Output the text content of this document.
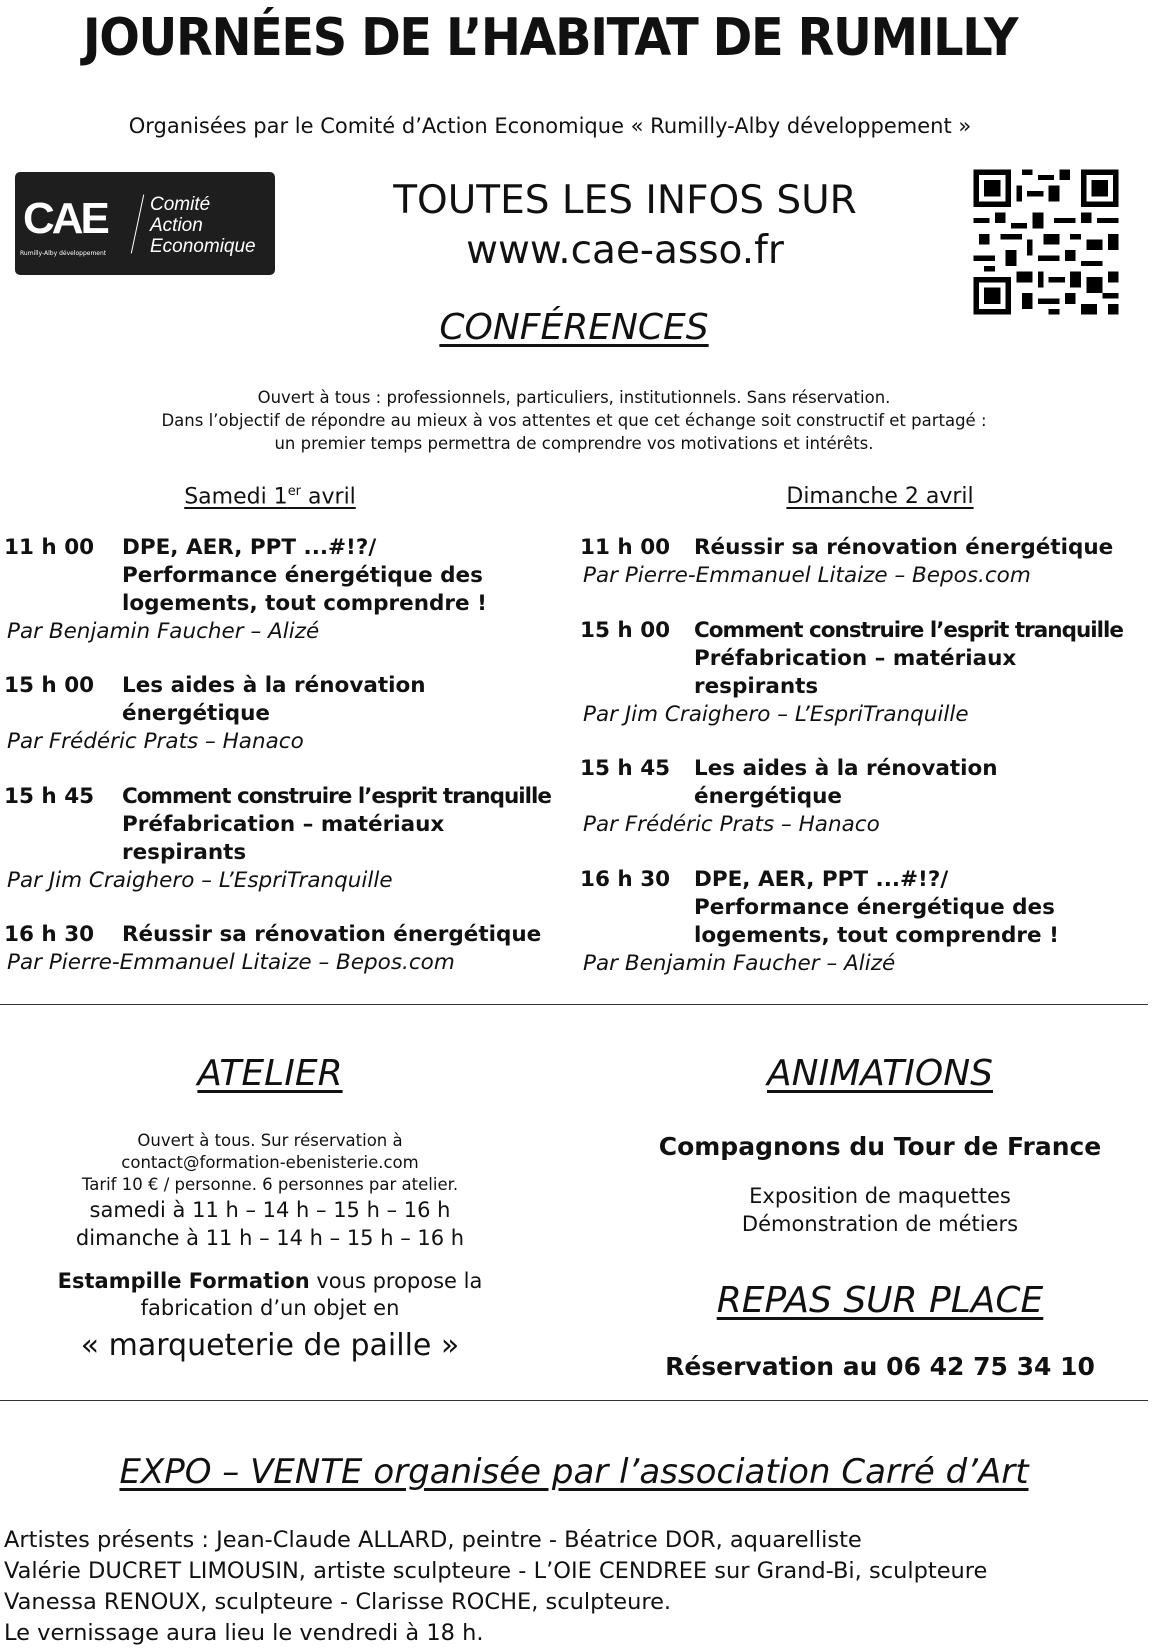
JOURNÉES DE L’HABITAT DE RUMILLY
Organisées par le Comité d’Action Economique « Rumilly-Alby développement »
CAE
Rumilly-Alby développement
Comité
Action
Economique
TOUTES LES INFOS SUR
www.cae-asso.fr
CONFÉRENCES
Ouvert à tous : professionnels, particuliers, institutionnels. Sans réservation.
Dans l’objectif de répondre au mieux à vos attentes et que cet échange soit constructif et partagé :
un premier temps permettra de comprendre vos motivations et intérêts.
Samedi 1er avril	Dimanche 2 avril
11 h 00 DPE, AER, PPT ...#!?/
Performance énergétique des
logements, tout comprendre !
Par Benjamin Faucher – Alizé
15 h 00 Les aides à la rénovation
énergétique
Par Frédéric Prats – Hanaco
15 h 45 Comment construire l’esprit tranquille
Préfabrication – matériaux
respirants
Par Jim Craighero – L’EspriTranquille
16 h 30 Réussir sa rénovation énergétique
Par Pierre-Emmanuel Litaize – Bepos.com
11 h 00 Réussir sa rénovation énergétique
Par Pierre-Emmanuel Litaize – Bepos.com
15 h 00 Comment construire l’esprit tranquille
Préfabrication – matériaux
respirants
Par Jim Craighero – L’EspriTranquille
15 h 45 Les aides à la rénovation
énergétique
Par Frédéric Prats – Hanaco
16 h 30 DPE, AER, PPT ...#!?/
Performance énergétique des
logements, tout comprendre !
Par Benjamin Faucher – Alizé
ATELIER	ANIMATIONS
Ouvert à tous. Sur réservation à
contact@formation-ebenisterie.com
Tarif 10 € / personne. 6 personnes par atelier.
samedi à 11 h – 14 h – 15 h – 16 h
dimanche à 11 h – 14 h – 15 h – 16 h
Estampille Formation vous propose la
fabrication d’un objet en
« marqueterie de paille »
Compagnons du Tour de France
Exposition de maquettes
Démonstration de métiers
REPAS SUR PLACE
Réservation au 06 42 75 34 10
EXPO – VENTE organisée par l’association Carré d’Art
Artistes présents : Jean-Claude ALLARD, peintre - Béatrice DOR, aquarelliste
Valérie DUCRET LIMOUSIN, artiste sculpteure - L’OIE CENDREE sur Grand-Bi, sculpteure
Vanessa RENOUX, sculpteure - Clarisse ROCHE, sculpteure.
Le vernissage aura lieu le vendredi à 18 h.
